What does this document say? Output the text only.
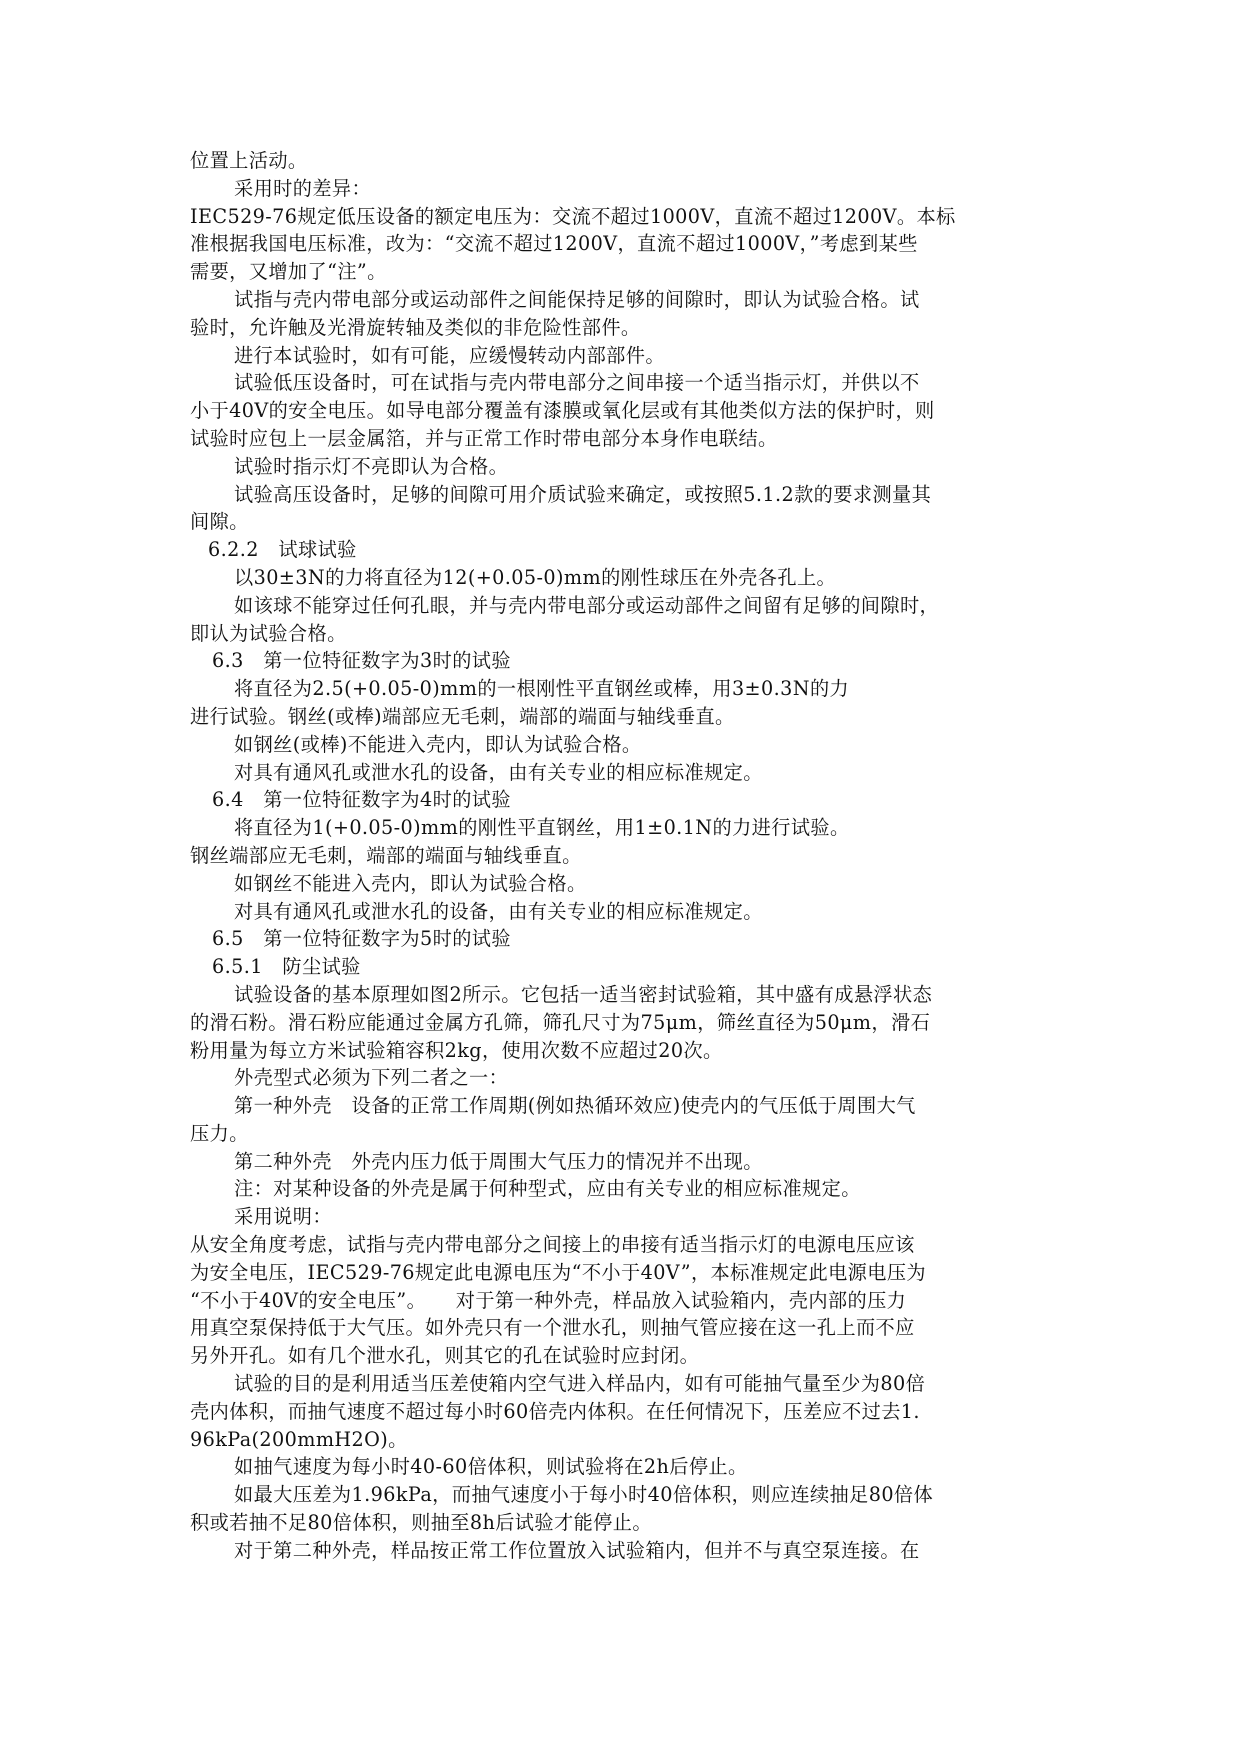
位置上活动。
采用时的差异：
IEC529-76规定低压设备的额定电压为：交流不超过1000V，直流不超过1200V。本标
准根据我国电压标准，改为：“交流不超过1200V，直流不超过1000V，”考虑到某些
需要，又增加了“注”。
试指与壳内带电部分或运动部件之间能保持足够的间隙时，即认为试验合格。试
验时，允许触及光滑旋转轴及类似的非危险性部件。
进行本试验时，如有可能，应缓慢转动内部部件。
试验低压设备时，可在试指与壳内带电部分之间串接一个适当指示灯，并供以不
小于40V的安全电压。如导电部分覆盖有漆膜或氧化层或有其他类似方法的保护时，则
试验时应包上一层金属箔，并与正常工作时带电部分本身作电联结。
试验时指示灯不亮即认为合格。
试验高压设备时，足够的间隙可用介质试验来确定，或按照5.1.2款的要求测量其
间隙。
6.2.2　试球试验
以30±3N的力将直径为12(+0.05-0)mm的刚性球压在外壳各孔上。
如该球不能穿过任何孔眼，并与壳内带电部分或运动部件之间留有足够的间隙时，
即认为试验合格。
6.3　第一位特征数字为3时的试验
将直径为2.5(+0.05-0)mm的一根刚性平直钢丝或棒，用3±0.3N的力
进行试验。钢丝(或棒)端部应无毛刺，端部的端面与轴线垂直。
如钢丝(或棒)不能进入壳内，即认为试验合格。
对具有通风孔或泄水孔的设备，由有关专业的相应标准规定。
6.4　第一位特征数字为4时的试验
将直径为1(+0.05-0)mm的刚性平直钢丝，用1±0.1N的力进行试验。
钢丝端部应无毛刺，端部的端面与轴线垂直。
如钢丝不能进入壳内，即认为试验合格。
对具有通风孔或泄水孔的设备，由有关专业的相应标准规定。
6.5　第一位特征数字为5时的试验
6.5.1　防尘试验
试验设备的基本原理如图2所示。它包括一适当密封试验箱，其中盛有成悬浮状态
的滑石粉。滑石粉应能通过金属方孔筛，筛孔尺寸为75μm，筛丝直径为50μm，滑石
粉用量为每立方米试验箱容积2kg，使用次数不应超过20次。
外壳型式必须为下列二者之一：
第一种外壳　设备的正常工作周期(例如热循环效应)使壳内的气压低于周围大气
压力。
第二种外壳　外壳内压力低于周围大气压力的情况并不出现。
注：对某种设备的外壳是属于何种型式，应由有关专业的相应标准规定。
采用说明：
从安全角度考虑，试指与壳内带电部分之间接上的串接有适当指示灯的电源电压应该
为安全电压，IEC529-76规定此电源电压为“不小于40V”，本标准规定此电源电压为
“不小于40V的安全电压”。　　对于第一种外壳，样品放入试验箱内，壳内部的压力
用真空泵保持低于大气压。如外壳只有一个泄水孔，则抽气管应接在这一孔上而不应
另外开孔。如有几个泄水孔，则其它的孔在试验时应封闭。
试验的目的是利用适当压差使箱内空气进入样品内，如有可能抽气量至少为80倍
壳内体积，而抽气速度不超过每小时60倍壳内体积。在任何情况下，压差应不过去1.
96kPa(200mmH2O)。
如抽气速度为每小时40-60倍体积，则试验将在2h后停止。
如最大压差为1.96kPa，而抽气速度小于每小时40倍体积，则应连续抽足80倍体
积或若抽不足80倍体积，则抽至8h后试验才能停止。
对于第二种外壳，样品按正常工作位置放入试验箱内，但并不与真空泵连接。在
